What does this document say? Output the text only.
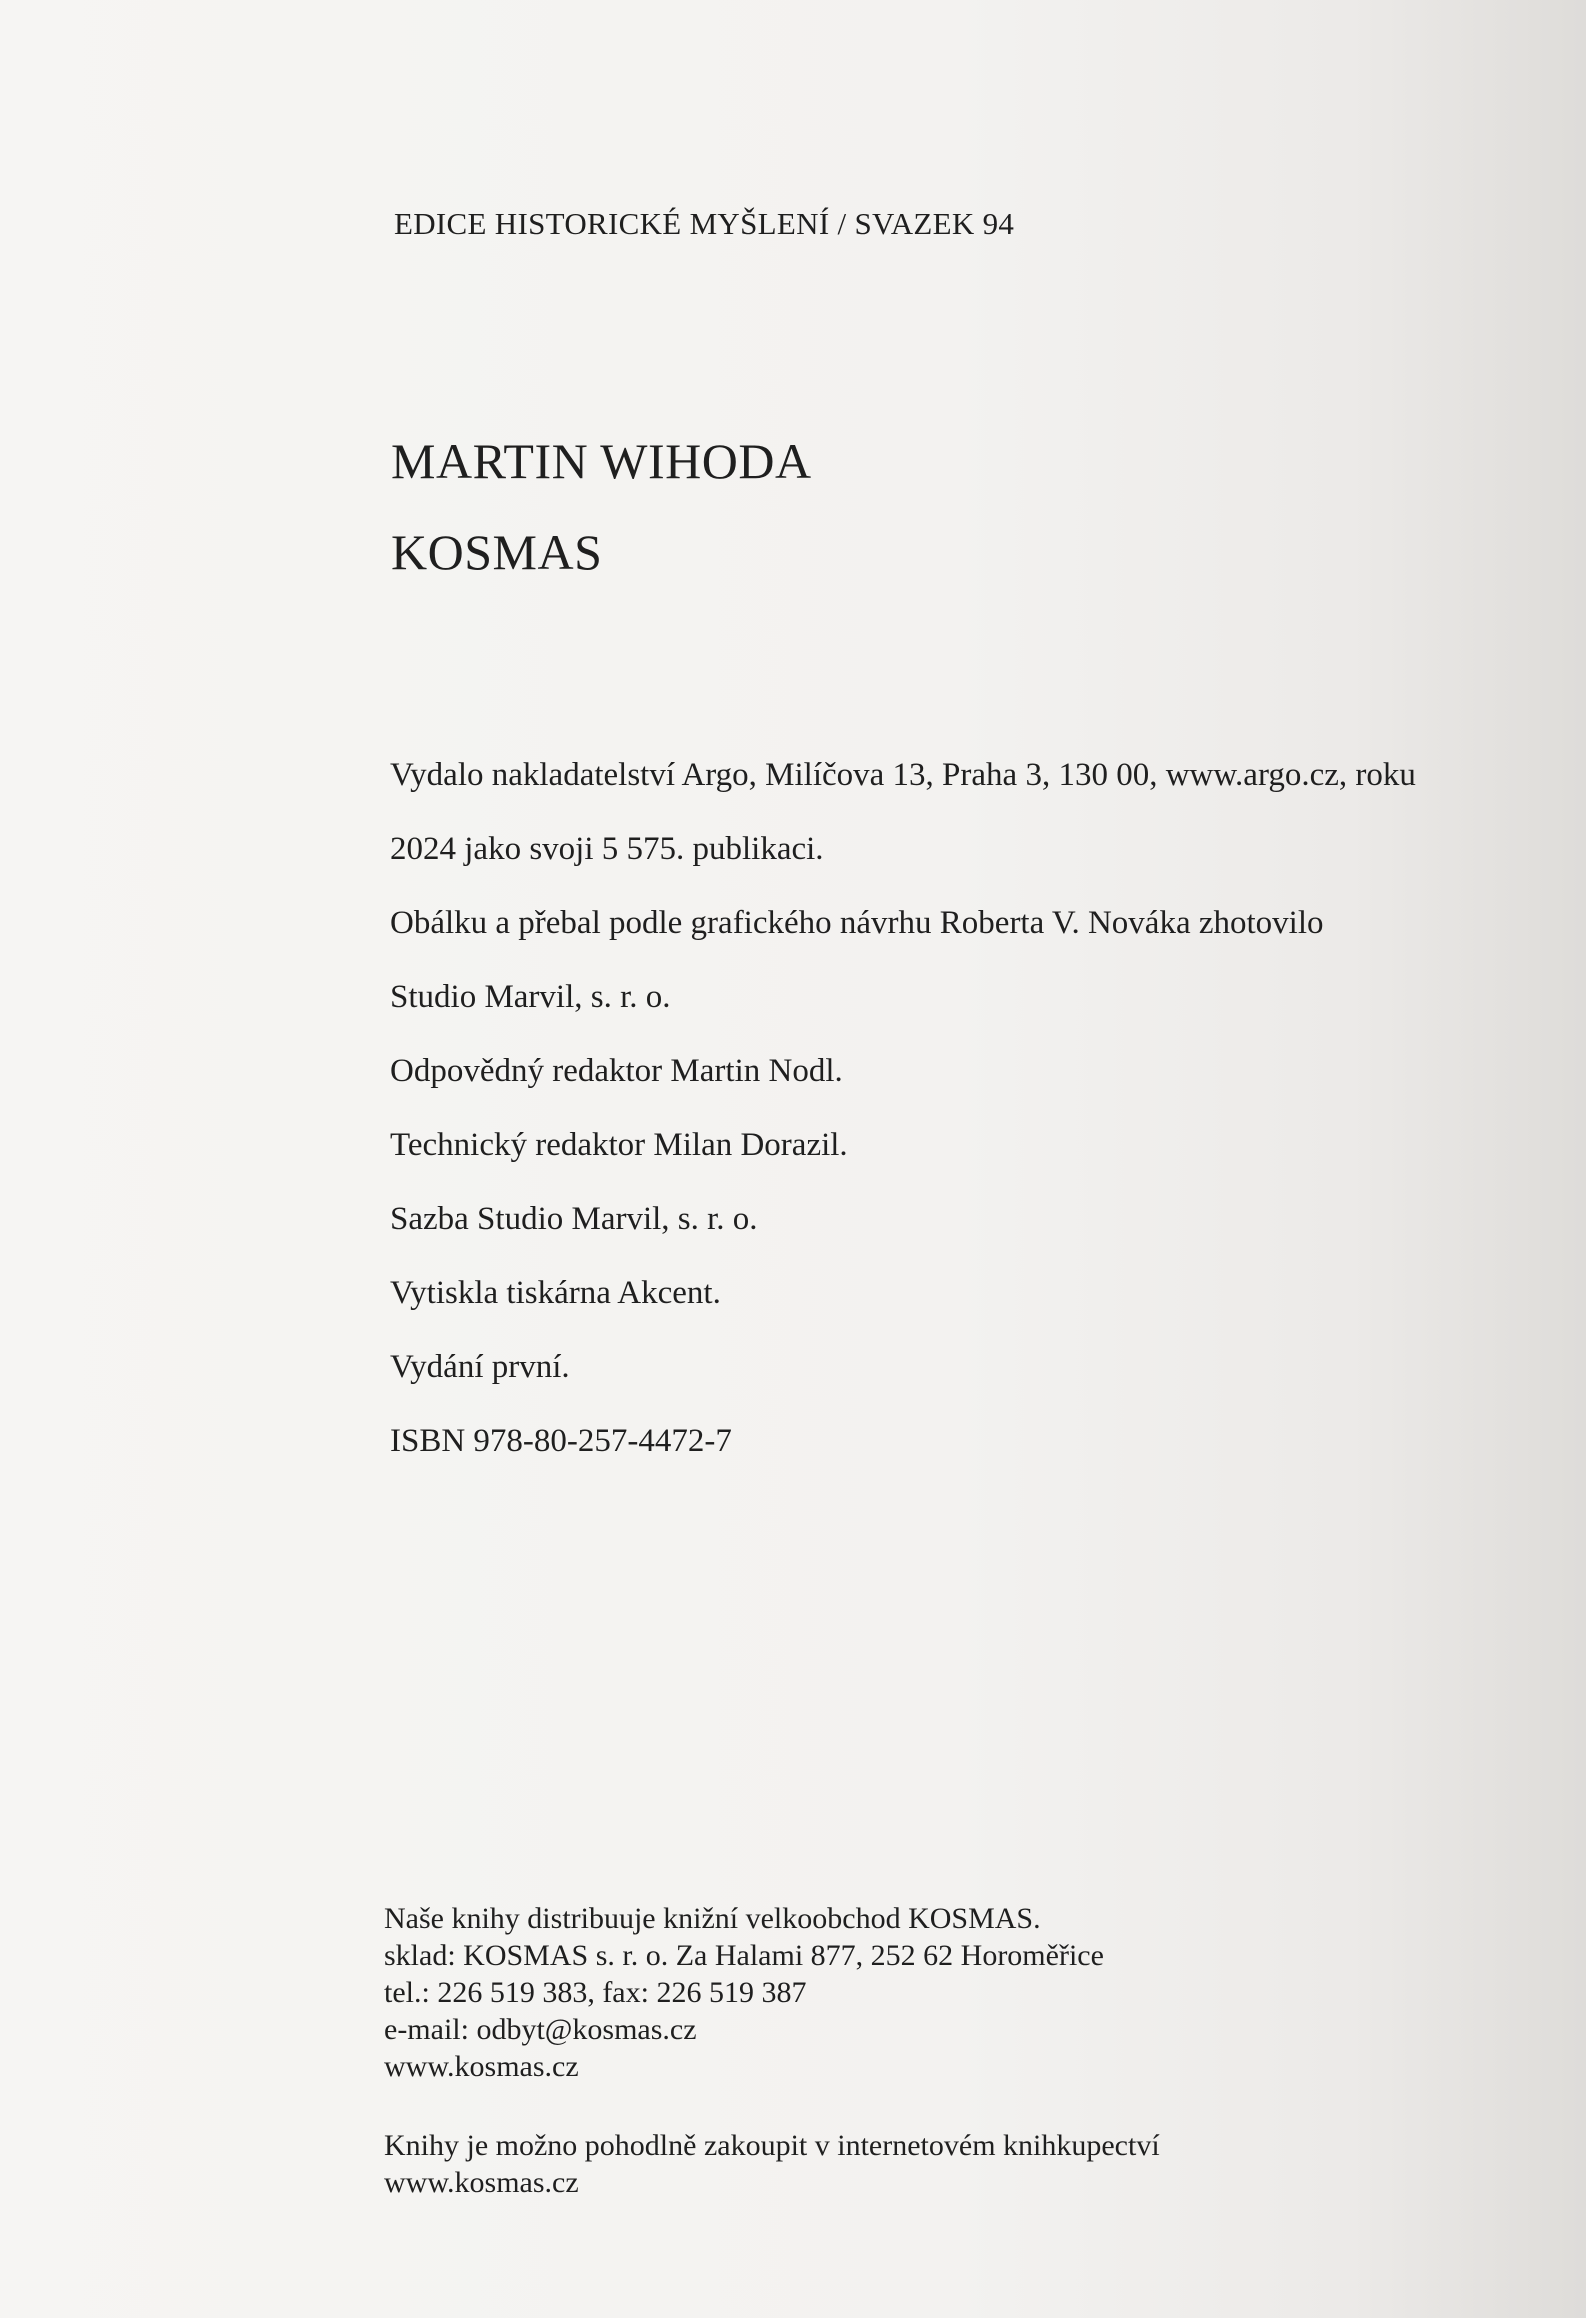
EDICE HISTORICKÉ MYŠLENÍ / SVAZEK 94
MARTIN WIHODA
KOSMAS
Vydalo nakladatelství Argo, Milíčova 13, Praha 3, 130 00, www.argo.cz, roku
2024 jako svoji 5 575. publikaci.
Obálku a přebal podle grafického návrhu Roberta V. Nováka zhotovilo
Studio Marvil, s. r. o.
Odpovědný redaktor Martin Nodl.
Technický redaktor Milan Dorazil.
Sazba Studio Marvil, s. r. o.
Vytiskla tiskárna Akcent.
Vydání první.
ISBN 978-80-257-4472-7
Naše knihy distribuuje knižní velkoobchod KOSMAS.
sklad: KOSMAS s. r. o. Za Halami 877, 252 62 Horoměřice
tel.: 226 519 383, fax: 226 519 387
e-mail: odbyt@kosmas.cz
www.kosmas.cz
Knihy je možno pohodlně zakoupit v internetovém knihkupectví
www.kosmas.cz
